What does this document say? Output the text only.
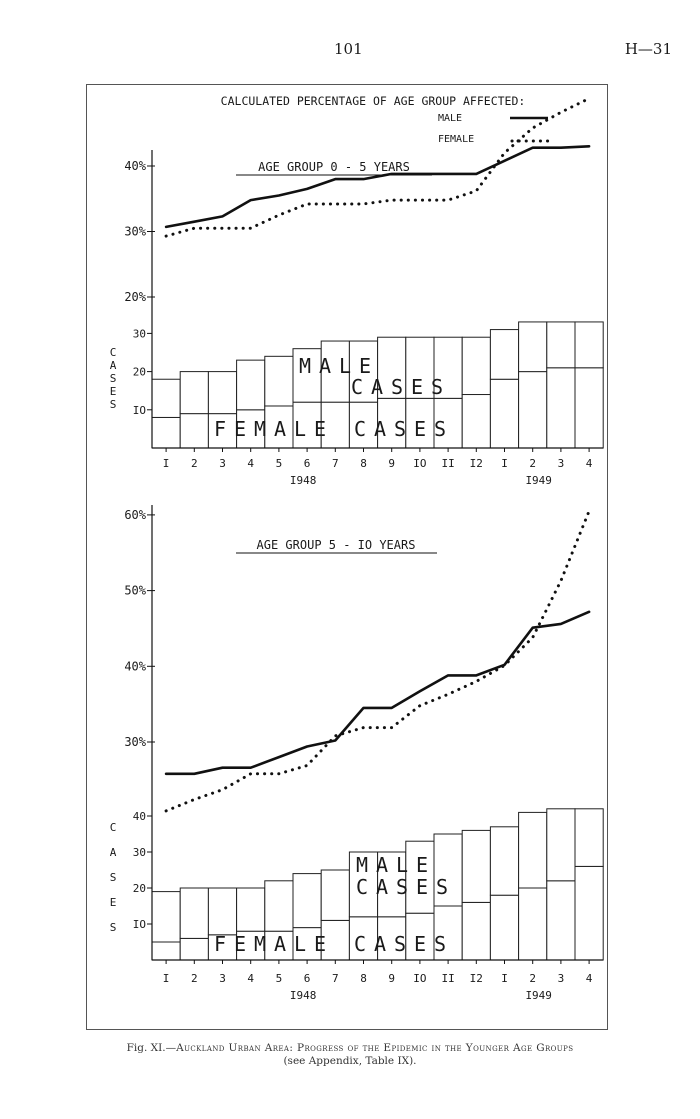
101	H—31
CALCULATED PERCENTAGE OF AGE GROUP AFFECTED:
MALE
FEMALE
AGE GROUP 0 - 5 YEARS
AGE GROUP 5 - IO YEARS
20%
30%
40%
IO
20
30
I 2 3 4 5 6 7 8 9 IO II I2 I 2 3 4
I948	I949
30%
40%
50%
60%
IO
20
30
40
I 2 3 4 5 6 7 8 9 IO II I2 I 2 3 4
I948	I949
C
A
S
E
S
C
A
S
E
S
M A L E
C A S E S
F E M A L E C A S E S
M A L E
C A S E S
F E M A L E C A S E S
Fig. XI.—Auckland Urban Area: Progress of the Epidemic in the Younger Age Groups
(see Appendix, Table IX).
